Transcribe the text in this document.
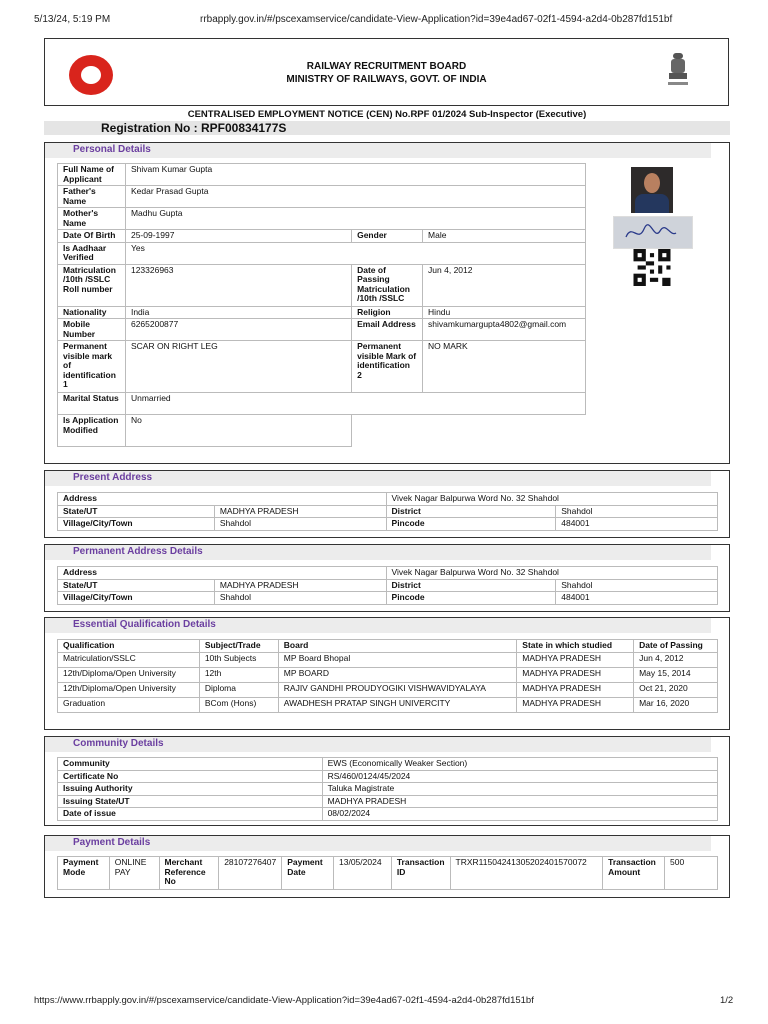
5/13/24, 5:19 PM	rrbapply.gov.in/#/pscexamservice/candidate-View-Application?id=39e4ad67-02f1-4594-a2d4-0b287fd151bf
RAILWAY RECRUITMENT BOARD
MINISTRY OF RAILWAYS, GOVT. OF INDIA
CENTRALISED EMPLOYMENT NOTICE (CEN) No.RPF 01/2024 Sub-Inspector (Executive)
Registration No : RPF00834177S
Personal Details
Full Name of Applicant	Shivam Kumar Gupta		
Father's Name	Kedar Prasad Gupta		
Mother's Name	Madhu Gupta		
Date Of Birth	25-09-1997	Gender	Male
Is Aadhaar Verified	Yes		
Matriculation /10th /SSLC Roll number	123326963	Date of Passing Matriculation /10th /SSLC	Jun 4, 2012
Nationality	India	Religion	Hindu
Mobile Number	6265200877	Email Address	shivamkumargupta4802@gmail.com
Permanent visible mark of identification 1	SCAR ON RIGHT LEG	Permanent visible Mark of identification 2	NO MARK
Marital Status	Unmarried		
Is Application Modified	No		
Present Address
Address		Vivek Nagar Balpurwa Word No. 32 Shahdol	
State/UT	MADHYA PRADESH	District	Shahdol
Village/City/Town	Shahdol	Pincode	484001
Permanent Address Details
Address		Vivek Nagar Balpurwa Word No. 32 Shahdol	
State/UT	MADHYA PRADESH	District	Shahdol
Village/City/Town	Shahdol	Pincode	484001
Essential Qualification Details
Qualification	Subject/Trade	Board	State in which studied	Date of Passing
Matriculation/SSLC	10th Subjects	MP Board Bhopal	MADHYA PRADESH	Jun 4, 2012
12th/Diploma/Open University	12th	MP BOARD	MADHYA PRADESH	May 15, 2014
12th/Diploma/Open University	Diploma	RAJIV GANDHI PROUDYOGIKI VISHWAVIDYALAYA	MADHYA PRADESH	Oct 21, 2020
Graduation	BCom (Hons)	AWADHESH PRATAP SINGH UNIVERCITY	MADHYA PRADESH	Mar 16, 2020
Community Details
Community	EWS (Economically Weaker Section)
Certificate No	RS/460/0124/45/2024
Issuing Authority	Taluka Magistrate
Issuing State/UT	MADHYA PRADESH
Date of issue	08/02/2024
Payment Details
Payment Mode	ONLINE PAY	Merchant Reference No	28107276407	Payment Date	13/05/2024	Transaction ID	TRXR11504241305202401570072	Transaction Amount	500
https://www.rrbapply.gov.in/#/pscexamservice/candidate-View-Application?id=39e4ad67-02f1-4594-a2d4-0b287fd151bf	1/2
